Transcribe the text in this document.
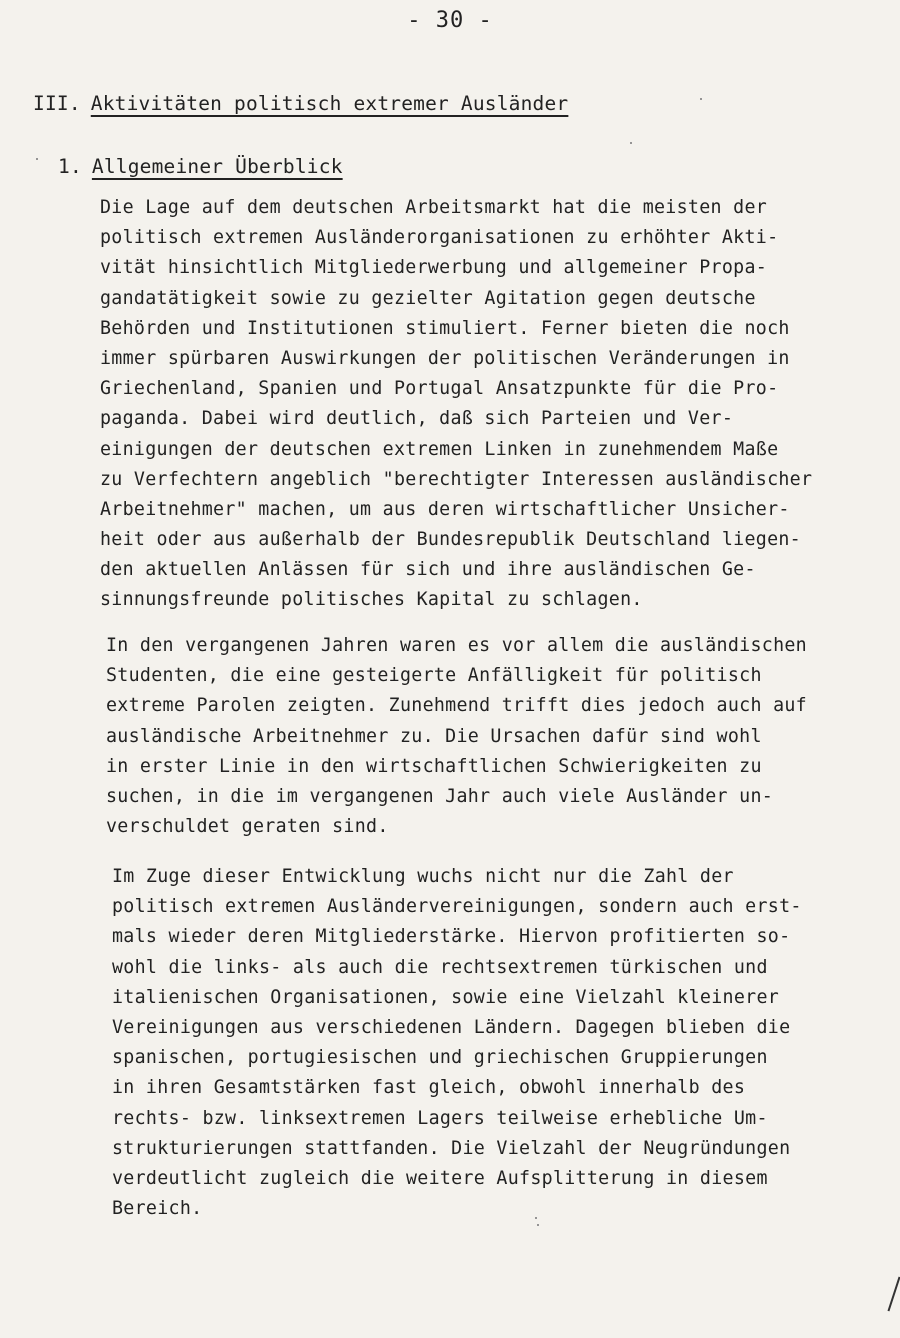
- 30 -
III. Aktivitäten politisch extremer Ausländer
1. Allgemeiner Überblick
Die Lage auf dem deutschen Arbeitsmarkt hat die meisten der
politisch extremen Ausländerorganisationen zu erhöhter Akti-
vität hinsichtlich Mitgliederwerbung und allgemeiner Propa-
gandatätigkeit sowie zu gezielter Agitation gegen deutsche
Behörden und Institutionen stimuliert. Ferner bieten die noch
immer spürbaren Auswirkungen der politischen Veränderungen in
Griechenland, Spanien und Portugal Ansatzpunkte für die Pro-
paganda. Dabei wird deutlich, daß sich Parteien und Ver-
einigungen der deutschen extremen Linken in zunehmendem Maße
zu Verfechtern angeblich "berechtigter Interessen ausländischer
Arbeitnehmer" machen, um aus deren wirtschaftlicher Unsicher-
heit oder aus außerhalb der Bundesrepublik Deutschland liegen-
den aktuellen Anlässen für sich und ihre ausländischen Ge-
sinnungsfreunde politisches Kapital zu schlagen.
In den vergangenen Jahren waren es vor allem die ausländischen
Studenten, die eine gesteigerte Anfälligkeit für politisch
extreme Parolen zeigten. Zunehmend trifft dies jedoch auch auf
ausländische Arbeitnehmer zu. Die Ursachen dafür sind wohl
in erster Linie in den wirtschaftlichen Schwierigkeiten zu
suchen, in die im vergangenen Jahr auch viele Ausländer un-
verschuldet geraten sind.
Im Zuge dieser Entwicklung wuchs nicht nur die Zahl der
politisch extremen Ausländervereinigungen, sondern auch erst-
mals wieder deren Mitgliederstärke. Hiervon profitierten so-
wohl die links- als auch die rechtsextremen türkischen und
italienischen Organisationen, sowie eine Vielzahl kleinerer
Vereinigungen aus verschiedenen Ländern. Dagegen blieben die
spanischen, portugiesischen und griechischen Gruppierungen
in ihren Gesamtstärken fast gleich, obwohl innerhalb des
rechts- bzw. linksextremen Lagers teilweise erhebliche Um-
strukturierungen stattfanden. Die Vielzahl der Neugründungen
verdeutlicht zugleich die weitere Aufsplitterung in diesem
Bereich.
